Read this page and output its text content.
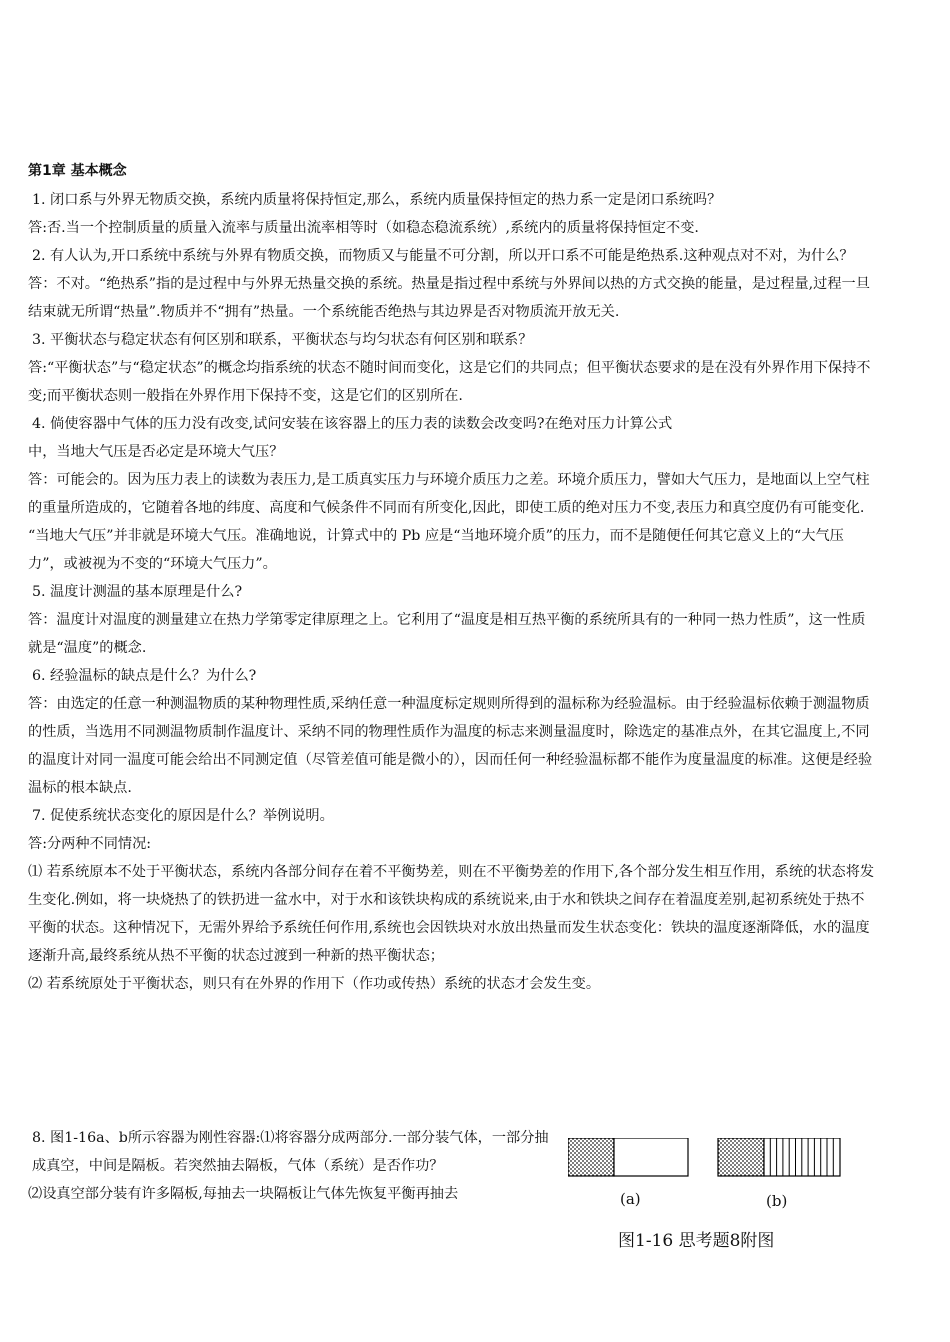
第1章 基本概念
1. 闭口系与外界无物质交换，系统内质量将保持恒定,那么，系统内质量保持恒定的热力系一定是闭口系统吗？
答:否.当一个控制质量的质量入流率与质量出流率相等时（如稳态稳流系统）,系统内的质量将保持恒定不变.
2. 有人认为,开口系统中系统与外界有物质交换，而物质又与能量不可分割，所以开口系不可能是绝热系.这种观点对不对，为什么？
答：不对。“绝热系”指的是过程中与外界无热量交换的系统。热量是指过程中系统与外界间以热的方式交换的能量，是过程量,过程一旦结束就无所谓“热量”.物质并不“拥有”热量。一个系统能否绝热与其边界是否对物质流开放无关.
3. 平衡状态与稳定状态有何区别和联系，平衡状态与均匀状态有何区别和联系？
答:“平衡状态”与“稳定状态”的概念均指系统的状态不随时间而变化，这是它们的共同点；但平衡状态要求的是在没有外界作用下保持不变;而平衡状态则一般指在外界作用下保持不变，这是它们的区别所在.
4. 倘使容器中气体的压力没有改变,试问安装在该容器上的压力表的读数会改变吗?在绝对压力计算公式
中，当地大气压是否必定是环境大气压？
答：可能会的。因为压力表上的读数为表压力,是工质真实压力与环境介质压力之差。环境介质压力，譬如大气压力，是地面以上空气柱的重量所造成的，它随着各地的纬度、高度和气候条件不同而有所变化,因此，即使工质的绝对压力不变,表压力和真空度仍有可能变化.
“当地大气压”并非就是环境大气压。准确地说，计算式中的 Pb 应是“当地环境介质”的压力，而不是随便任何其它意义上的“大气压力”，或被视为不变的“环境大气压力”。
5. 温度计测温的基本原理是什么?
答：温度计对温度的测量建立在热力学第零定律原理之上。它利用了“温度是相互热平衡的系统所具有的一种同一热力性质”，这一性质就是“温度”的概念.
6. 经验温标的缺点是什么？为什么?
答：由选定的任意一种测温物质的某种物理性质,采纳任意一种温度标定规则所得到的温标称为经验温标。由于经验温标依赖于测温物质的性质，当选用不同测温物质制作温度计、采纳不同的物理性质作为温度的标志来测量温度时，除选定的基准点外，在其它温度上,不同的温度计对同一温度可能会给出不同测定值（尽管差值可能是微小的），因而任何一种经验温标都不能作为度量温度的标准。这便是经验温标的根本缺点.
7. 促使系统状态变化的原因是什么？举例说明。
答:分两种不同情况:
⑴ 若系统原本不处于平衡状态，系统内各部分间存在着不平衡势差，则在不平衡势差的作用下,各个部分发生相互作用，系统的状态将发生变化.例如，将一块烧热了的铁扔进一盆水中，对于水和该铁块构成的系统说来,由于水和铁块之间存在着温度差别,起初系统处于热不平衡的状态。这种情况下，无需外界给予系统任何作用,系统也会因铁块对水放出热量而发生状态变化：铁块的温度逐渐降低，水的温度逐渐升高,最终系统从热不平衡的状态过渡到一种新的热平衡状态；
⑵ 若系统原处于平衡状态，则只有在外界的作用下（作功或传热）系统的状态才会发生变。
8. 图1-16a、b所示容器为刚性容器:⑴将容器分成两部分.一部分装气体，一部分抽成真空，中间是隔板。若突然抽去隔板，气体（系统）是否作功？
⑵设真空部分装有许多隔板,每抽去一块隔板让气体先恢复平衡再抽去	(a)	(b)
图1-16 思考题8附图
